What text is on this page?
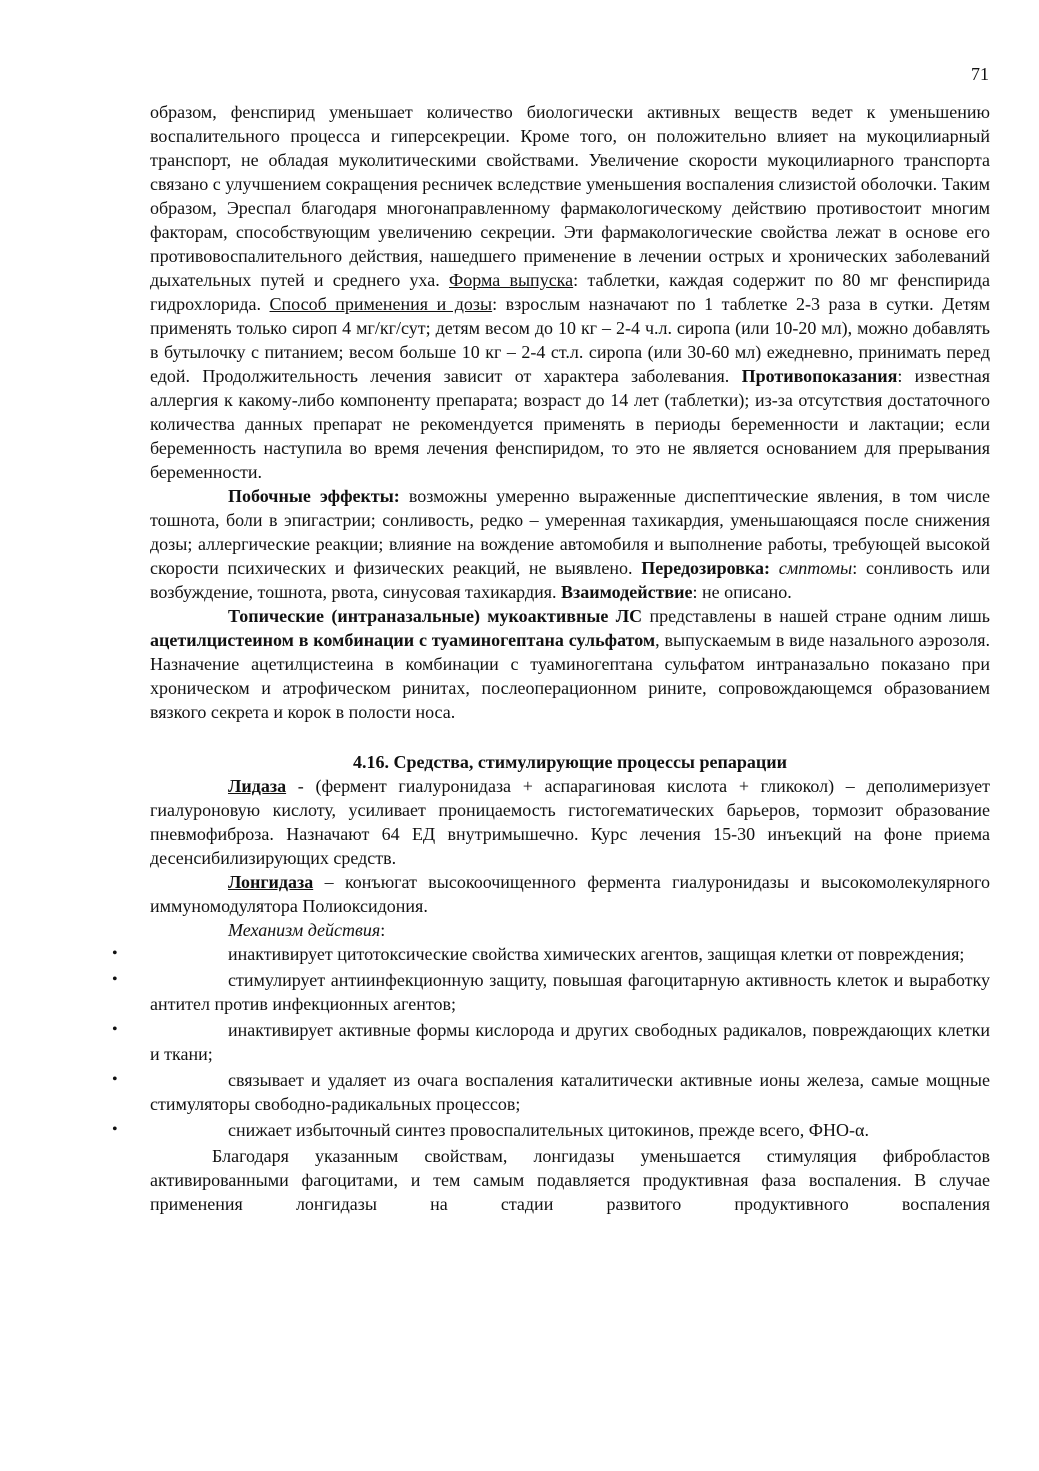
71

образом, фенспирид уменьшает количество биологически активных веществ ведет к уменьшению воспалительного процесса и гиперсекреции. Кроме того, он положительно влияет на мукоцилиарный транспорт, не обладая муколитическими свойствами. Увеличение скорости мукоцилиарного транспорта связано с улучшением сокращения ресничек вследствие уменьшения воспаления слизистой оболочки. Таким образом, Эреспал благодаря многонаправленному фармакологическому действию противостоит многим факторам, способствующим увеличению секреции. Эти фармакологические свойства лежат в основе его противовоспалительного действия, нашедшего применение в лечении острых и хронических заболеваний дыхательных путей и среднего уха. Форма выпуска: таблетки, каждая содержит по 80 мг фенспирида гидрохлорида. Способ применения и дозы: взрослым назначают по 1 таблетке 2-3 раза в сутки. Детям применять только сироп 4 мг/кг/сут; детям весом до 10 кг – 2-4 ч.л. сиропа (или 10-20 мл), можно добавлять в бутылочку с питанием; весом больше 10 кг – 2-4 ст.л. сиропа (или 30-60 мл) ежедневно, принимать перед едой. Продолжительность лечения зависит от характера заболевания. Противопоказания: известная аллергия к какому-либо компоненту препарата; возраст до 14 лет (таблетки); из-за отсутствия достаточного количества данных препарат не рекомендуется применять в периоды беременности и лактации; если беременность наступила во время лечения фенспиридом, то это не является основанием для прерывания беременности.

Побочные эффекты: возможны умеренно выраженные диспептические явления, в том числе тошнота, боли в эпигастрии; сонливость, редко – умеренная тахикардия, уменьшающаяся после снижения дозы; аллергические реакции; влияние на вождение автомобиля и выполнение работы, требующей высокой скорости психических и физических реакций, не выявлено. Передозировка: смптомы: сонливость или возбуждение, тошнота, рвота, синусовая тахикардия. Взаимодействие: не описано.

Топические (интраназальные) мукоактивные ЛС представлены в нашей стране одним лишь ацетилцистеином в комбинации с туаминогептана сульфатом, выпускаемым в виде назального аэрозоля. Назначение ацетилцистеина в комбинации с туаминогептана сульфатом интраназально показано при хроническом и атрофическом ринитах, послеоперационном рините, сопровождающемся образованием вязкого секрета и корок в полости носа.

4.16. Средства, стимулирующие процессы репарации

Лидаза - (фермент гиалуронидаза + аспарагиновая кислота + гликокол) – деполимеризует гиалуроновую кислоту, усиливает проницаемость гистогематических барьеров, тормозит образование пневмофиброза. Назначают 64 ЕД внутримышечно. Курс лечения 15-30 инъекций на фоне приема десенсибилизирующих средств.

Лонгидаза – конъюгат высокоочищенного фермента гиалуронидазы и высокомолекулярного иммуномодулятора Полиоксидония.

Механизм действия:

•	инактивирует цитотоксические свойства химических агентов, защищая клетки от повреждения;
•	стимулирует антиинфекционную защиту, повышая фагоцитарную активность клеток и выработку антител против инфекционных агентов;
•	инактивирует активные формы кислорода и других свободных радикалов, повреждающих клетки и ткани;
•	связывает и удаляет из очага воспаления каталитически активные ионы железа, самые мощные стимуляторы свободно-радикальных процессов;
•	снижает избыточный синтез провоспалительных цитокинов, прежде всего, ФНО-α.

Благодаря указанным свойствам, лонгидазы уменьшается стимуляция фибробластов активированными фагоцитами, и тем самым подавляется продуктивная фаза воспаления. В случае применения лонгидазы на стадии развитого продуктивного воспаления
